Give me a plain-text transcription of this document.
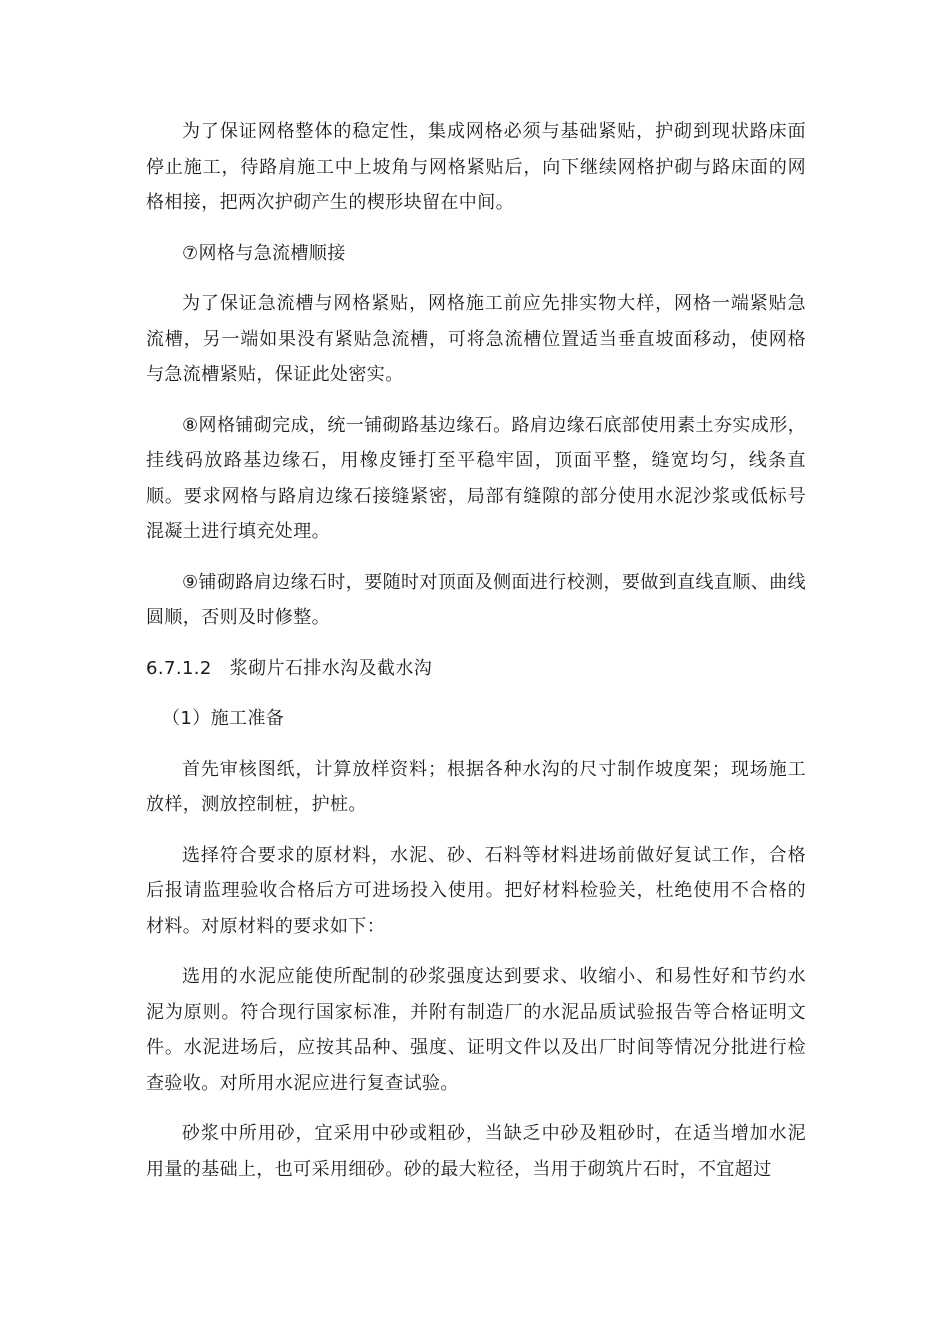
为了保证网格整体的稳定性，集成网格必须与基础紧贴，护砌到现状路床面停止施工，待路肩施工中上坡角与网格紧贴后，向下继续网格护砌与路床面的网格相接，把两次护砌产生的楔形块留在中间。

⑦网格与急流槽顺接

为了保证急流槽与网格紧贴，网格施工前应先排实物大样，网格一端紧贴急流槽，另一端如果没有紧贴急流槽，可将急流槽位置适当垂直坡面移动，使网格与急流槽紧贴，保证此处密实。

⑧网格铺砌完成，统一铺砌路基边缘石。路肩边缘石底部使用素土夯实成形，挂线码放路基边缘石，用橡皮锤打至平稳牢固，顶面平整，缝宽均匀，线条直顺。要求网格与路肩边缘石接缝紧密，局部有缝隙的部分使用水泥沙浆或低标号混凝土进行填充处理。

⑨铺砌路肩边缘石时，要随时对顶面及侧面进行校测，要做到直线直顺、曲线圆顺，否则及时修整。

6.7.1.2 浆砌片石排水沟及截水沟
（1）施工准备

首先审核图纸，计算放样资料；根据各种水沟的尺寸制作坡度架；现场施工放样，测放控制桩，护桩。

选择符合要求的原材料，水泥、砂、石料等材料进场前做好复试工作，合格后报请监理验收合格后方可进场投入使用。把好材料检验关，杜绝使用不合格的材料。对原材料的要求如下：

选用的水泥应能使所配制的砂浆强度达到要求、收缩小、和易性好和节约水泥为原则。符合现行国家标准，并附有制造厂的水泥品质试验报告等合格证明文件。水泥进场后，应按其品种、强度、证明文件以及出厂时间等情况分批进行检查验收。对所用水泥应进行复查试验。

砂浆中所用砂，宜采用中砂或粗砂，当缺乏中砂及粗砂时，在适当增加水泥用量的基础上，也可采用细砂。砂的最大粒径，当用于砌筑片石时，不宜超过
